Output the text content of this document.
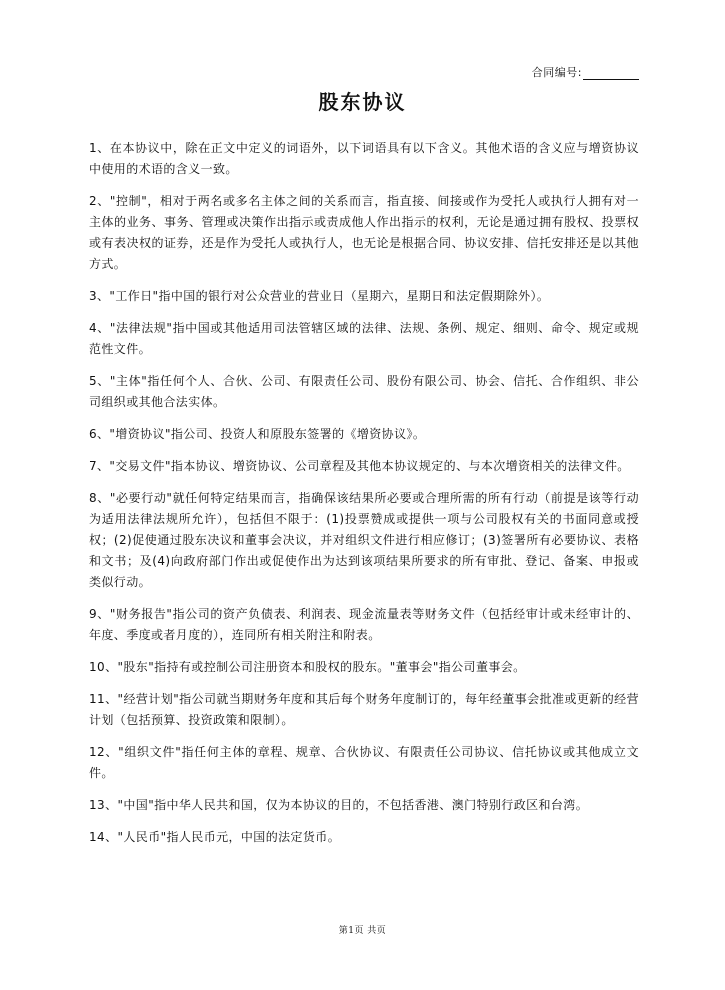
合同编号:
股东协议
1、在本协议中，除在正文中定义的词语外，以下词语具有以下含义。其他术语的含义应与增资协议中使用的术语的含义一致。
2、"控制"，相对于两名或多名主体之间的关系而言，指直接、间接或作为受托人或执行人拥有对一主体的业务、事务、管理或决策作出指示或责成他人作出指示的权利，无论是通过拥有股权、投票权或有表决权的证券，还是作为受托人或执行人，也无论是根据合同、协议安排、信托安排还是以其他方式。
3、"工作日"指中国的银行对公众营业的营业日（星期六，星期日和法定假期除外）。
4、"法律法规"指中国或其他适用司法管辖区域的法律、法规、条例、规定、细则、命令、规定或规范性文件。
5、"主体"指任何个人、合伙、公司、有限责任公司、股份有限公司、协会、信托、合作组织、非公司组织或其他合法实体。
6、"增资协议"指公司、投资人和原股东签署的《增资协议》。
7、"交易文件"指本协议、增资协议、公司章程及其他本协议规定的、与本次增资相关的法律文件。
8、"必要行动"就任何特定结果而言，指确保该结果所必要或合理所需的所有行动（前提是该等行动为适用法律法规所允许），包括但不限于：(1)投票赞成或提供一项与公司股权有关的书面同意或授权；(2)促使通过股东决议和董事会决议，并对组织文件进行相应修订；(3)签署所有必要协议、表格和文书；及(4)向政府部门作出或促使作出为达到该项结果所要求的所有审批、登记、备案、申报或类似行动。
9、"财务报告"指公司的资产负债表、利润表、现金流量表等财务文件（包括经审计或未经审计的、年度、季度或者月度的），连同所有相关附注和附表。
10、"股东"指持有或控制公司注册资本和股权的股东。"董事会"指公司董事会。
11、"经营计划"指公司就当期财务年度和其后每个财务年度制订的，每年经董事会批准或更新的经营计划（包括预算、投资政策和限制）。
12、"组织文件"指任何主体的章程、规章、合伙协议、有限责任公司协议、信托协议或其他成立文件。
13、"中国"指中华人民共和国，仅为本协议的目的，不包括香港、澳门特别行政区和台湾。
14、"人民币"指人民币元，中国的法定货币。
第1页 共页
